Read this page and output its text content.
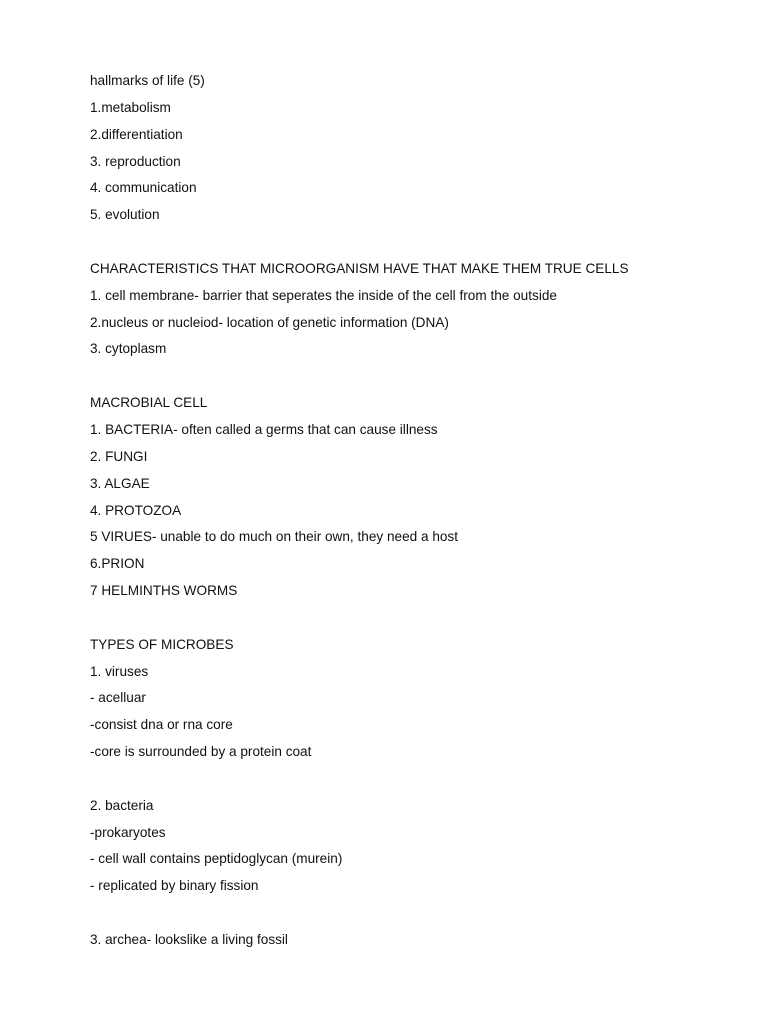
hallmarks of life (5)
1.metabolism
2.differentiation
3. reproduction
4. communication
5. evolution
CHARACTERISTICS THAT MICROORGANISM HAVE THAT MAKE THEM TRUE CELLS
1. cell membrane- barrier that seperates the inside of the cell from the outside
2.nucleus or nucleiod- location of genetic information (DNA)
3. cytoplasm
MACROBIAL CELL
1. BACTERIA- often called a germs that can cause illness
2. FUNGI
3. ALGAE
4. PROTOZOA
5 VIRUES- unable to do much on their own, they need a host
6.PRION
7 HELMINTHS WORMS
TYPES OF MICROBES
1. viruses
- acelluar
-consist dna or rna core
-core is surrounded by a protein coat
2. bacteria
-prokaryotes
- cell wall contains peptidoglycan (murein)
- replicated by binary fission
3. archea- lookslike a living fossil
